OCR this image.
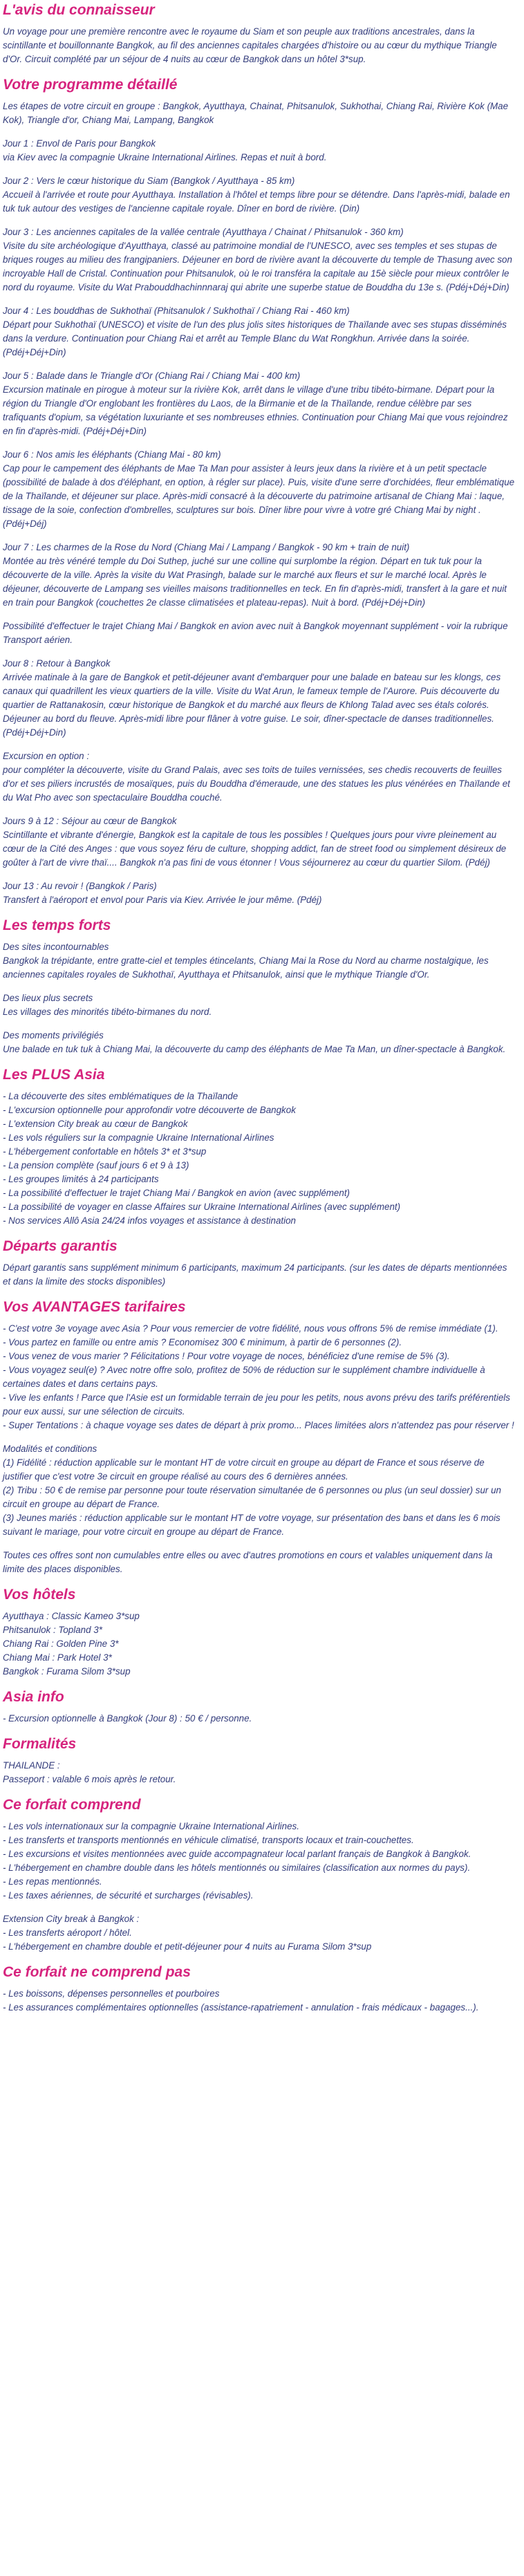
L'avis du connaisseur

Un voyage pour une première rencontre avec le royaume du Siam et son peuple aux traditions ancestrales, dans la scintillante et bouillonnante Bangkok, au fil des anciennes capitales chargées d'histoire ou au cœur du mythique Triangle d'Or. Circuit complété par un séjour de 4 nuits au cœur de Bangkok dans un hôtel 3*sup.

Votre programme détaillé

Les étapes de votre circuit en groupe : Bangkok, Ayutthaya, Chainat, Phitsanulok, Sukhothai, Chiang Rai, Rivière Kok (Mae Kok), Triangle d'or, Chiang Mai, Lampang, Bangkok

Jour 1 : Envol de Paris pour Bangkok
via Kiev avec la compagnie Ukraine International Airlines. Repas et nuit à bord.

Jour 2 : Vers le cœur historique du Siam (Bangkok / Ayutthaya - 85 km)
Accueil à l'arrivée et route pour Ayutthaya. Installation à l'hôtel et temps libre pour se détendre. Dans l'après-midi, balade en tuk tuk autour des vestiges de l'ancienne capitale royale. Dîner en bord de rivière. (Din)

Jour 3 : Les anciennes capitales de la vallée centrale (Ayutthaya / Chainat / Phitsanulok - 360 km)
Visite du site archéologique d'Ayutthaya, classé au patrimoine mondial de l'UNESCO, avec ses temples et ses stupas de briques rouges au milieu des frangipaniers. Déjeuner en bord de rivière avant la découverte du temple de Thasung avec son incroyable Hall de Cristal. Continuation pour Phitsanulok, où le roi transféra la capitale au 15è siècle pour mieux contrôler le nord du royaume. Visite du Wat Prabouddhachinnnaraj qui abrite une superbe statue de Bouddha du 13e s. (Pdéj+Déj+Din)

Jour 4 : Les bouddhas de Sukhothaï (Phitsanulok / Sukhothaï / Chiang Rai - 460 km)
Départ pour Sukhothaï (UNESCO) et visite de l'un des plus jolis sites historiques de Thaïlande avec ses stupas disséminés dans la verdure. Continuation pour Chiang Rai et arrêt au Temple Blanc du Wat Rongkhun. Arrivée dans la soirée. (Pdéj+Déj+Din)

Jour 5 : Balade dans le Triangle d'Or (Chiang Rai / Chiang Mai - 400 km)
Excursion matinale en pirogue à moteur sur la rivière Kok, arrêt dans le village d'une tribu tibéto-birmane. Départ pour la région du Triangle d'Or englobant les frontières du Laos, de la Birmanie et de la Thaïlande, rendue célèbre par ses trafiquants d'opium, sa végétation luxuriante et ses nombreuses ethnies. Continuation pour Chiang Mai que vous rejoindrez en fin d'après-midi. (Pdéj+Déj+Din)

Jour 6 : Nos amis les éléphants (Chiang Mai - 80 km)
Cap pour le campement des éléphants de Mae Ta Man pour assister à leurs jeux dans la rivière et à un petit spectacle (possibilité de balade à dos d'éléphant, en option, à régler sur place). Puis, visite d'une serre d'orchidées, fleur emblématique de la Thaïlande, et déjeuner sur place. Après-midi consacré à la découverte du patrimoine artisanal de Chiang Mai : laque, tissage de la soie, confection d'ombrelles, sculptures sur bois. Dîner libre pour vivre à votre gré Chiang Mai by night . (Pdéj+Déj)

Jour 7 : Les charmes de la Rose du Nord (Chiang Mai / Lampang / Bangkok - 90 km + train de nuit)
Montée au très vénéré temple du Doi Suthep, juché sur une colline qui surplombe la région. Départ en tuk tuk pour la découverte de la ville. Après la visite du Wat Prasingh, balade sur le marché aux fleurs et sur le marché local. Après le déjeuner, découverte de Lampang ses vieilles maisons traditionnelles en teck. En fin d'après-midi, transfert à la gare et nuit en train pour Bangkok (couchettes 2e classe climatisées et plateau-repas). Nuit à bord. (Pdéj+Déj+Din)

Possibilité d'effectuer le trajet Chiang Mai / Bangkok en avion avec nuit à Bangkok moyennant supplément - voir la rubrique Transport aérien.

Jour 8 : Retour à Bangkok
Arrivée matinale à la gare de Bangkok et petit-déjeuner avant d'embarquer pour une balade en bateau sur les klongs, ces canaux qui quadrillent les vieux quartiers de la ville. Visite du Wat Arun, le fameux temple de l'Aurore. Puis découverte du quartier de Rattanakosin, cœur historique de Bangkok et du marché aux fleurs de Khlong Talad avec ses étals colorés. Déjeuner au bord du fleuve. Après-midi libre pour flâner à votre guise. Le soir, dîner-spectacle de danses traditionnelles. (Pdéj+Déj+Din)

Excursion en option :
pour compléter la découverte, visite du Grand Palais, avec ses toits de tuiles vernissées, ses chedis recouverts de feuilles d'or et ses piliers incrustés de mosaïques, puis du Bouddha d'émeraude, une des statues les plus vénérées en Thaïlande et du Wat Pho avec son spectaculaire Bouddha couché.

Jours 9 à 12 : Séjour au cœur de Bangkok
Scintillante et vibrante d'énergie, Bangkok est la capitale de tous les possibles ! Quelques jours pour vivre pleinement au cœur de la Cité des Anges : que vous soyez féru de culture, shopping addict, fan de street food ou simplement désireux de goûter à l'art de vivre thaï.... Bangkok n'a pas fini de vous étonner ! Vous séjournerez au cœur du quartier Silom. (Pdéj)

Jour 13 : Au revoir ! (Bangkok / Paris)
Transfert à l'aéroport et envol pour Paris via Kiev. Arrivée le jour même. (Pdéj)

Les temps forts

Des sites incontournables
Bangkok la trépidante, entre gratte-ciel et temples étincelants, Chiang Mai la Rose du Nord au charme nostalgique, les anciennes capitales royales de Sukhothaï, Ayutthaya et Phitsanulok, ainsi que le mythique Triangle d'Or.

Des lieux plus secrets
Les villages des minorités tibéto-birmanes du nord.

Des moments privilégiés
Une balade en tuk tuk à Chiang Mai, la découverte du camp des éléphants de Mae Ta Man, un dîner-spectacle à Bangkok.

Les PLUS Asia

- La découverte des sites emblématiques de la Thaïlande
- L'excursion optionnelle pour approfondir votre découverte de Bangkok
- L'extension City break au cœur de Bangkok
- Les vols réguliers sur la compagnie Ukraine International Airlines
- L'hébergement confortable en hôtels 3* et 3*sup
- La pension complète (sauf jours 6 et 9 à 13)
- Les groupes limités à 24 participants
- La possibilité d'effectuer le trajet Chiang Mai / Bangkok en avion (avec supplément)
- La possibilité de voyager en classe Affaires sur Ukraine International Airlines (avec supplément)
- Nos services Allô Asia 24/24 infos voyages et assistance à destination

Départs garantis

Départ garantis sans supplément minimum 6 participants, maximum 24 participants. (sur les dates de départs mentionnées et dans la limite des stocks disponibles)

Vos AVANTAGES tarifaires

- C'est votre 3e voyage avec Asia ? Pour vous remercier de votre fidélité, nous vous offrons 5% de remise immédiate (1).
- Vous partez en famille ou entre amis ? Economisez 300 € minimum, à partir de 6 personnes (2).
- Vous venez de vous marier ? Félicitations ! Pour votre voyage de noces, bénéficiez d'une remise de 5% (3).
- Vous voyagez seul(e) ? Avec notre offre solo, profitez de 50% de réduction sur le supplément chambre individuelle à certaines dates et dans certains pays.
- Vive les enfants ! Parce que l'Asie est un formidable terrain de jeu pour les petits, nous avons prévu des tarifs préférentiels pour eux aussi, sur une sélection de circuits.
- Super Tentations : à chaque voyage ses dates de départ à prix promo... Places limitées alors n'attendez pas pour réserver !

Modalités et conditions
(1) Fidélité : réduction applicable sur le montant HT de votre circuit en groupe au départ de France et sous réserve de justifier que c'est votre 3e circuit en groupe réalisé au cours des 6 dernières années.
(2) Tribu : 50 € de remise par personne pour toute réservation simultanée de 6 personnes ou plus (un seul dossier) sur un circuit en groupe au départ de France.
(3) Jeunes mariés : réduction applicable sur le montant HT de votre voyage, sur présentation des bans et dans les 6 mois suivant le mariage, pour votre circuit en groupe au départ de France.

Toutes ces offres sont non cumulables entre elles ou avec d'autres promotions en cours et valables uniquement dans la limite des places disponibles.

Vos hôtels

Ayutthaya : Classic Kameo 3*sup
Phitsanulok : Topland 3*
Chiang Rai : Golden Pine 3*
Chiang Mai : Park Hotel 3*
Bangkok : Furama Silom 3*sup

Asia info

- Excursion optionnelle à Bangkok (Jour 8) : 50 € / personne.

Formalités

THAILANDE :
Passeport : valable 6 mois après le retour.

Ce forfait comprend

- Les vols internationaux sur la compagnie Ukraine International Airlines.
- Les transferts et transports mentionnés en véhicule climatisé, transports locaux et train-couchettes.
- Les excursions et visites mentionnées avec guide accompagnateur local parlant français de Bangkok à Bangkok.
- L'hébergement en chambre double dans les hôtels mentionnés ou similaires (classification aux normes du pays).
- Les repas mentionnés.
- Les taxes aériennes, de sécurité et surcharges (révisables).

Extension City break à Bangkok :
- Les transferts aéroport / hôtel.
- L'hébergement en chambre double et petit-déjeuner pour 4 nuits au Furama Silom 3*sup

Ce forfait ne comprend pas

- Les boissons, dépenses personnelles et pourboires
- Les assurances complémentaires optionnelles (assistance-rapatriement - annulation - frais médicaux - bagages...).
